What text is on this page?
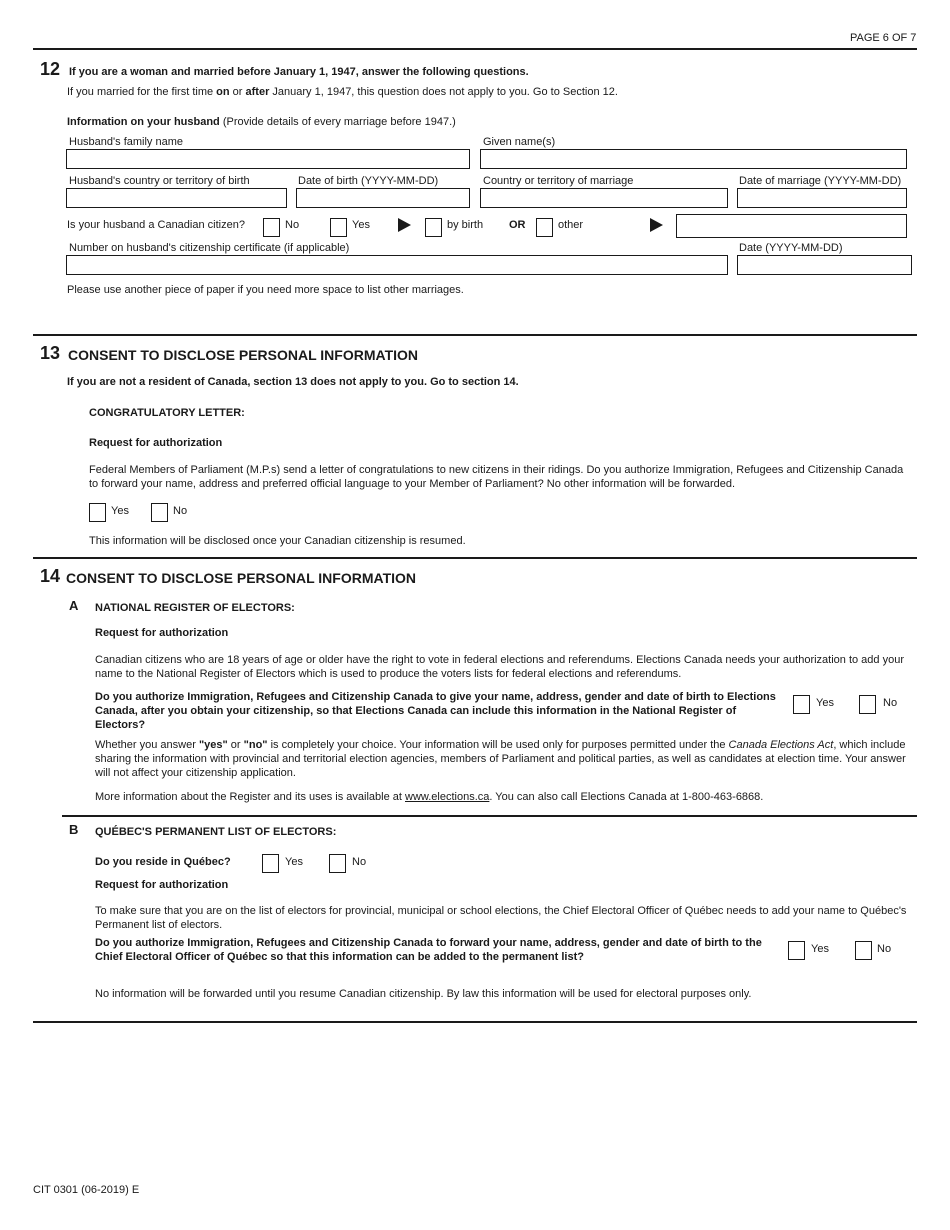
PAGE 6 OF 7
12 If you are a woman and married before January 1, 1947, answer the following questions.
If you married for the first time on or after January 1, 1947, this question does not apply to you. Go to Section 12.
Information on your husband (Provide details of every marriage before 1947.)
Husband's family name	Given name(s)
Husband's country or territory of birth	Date of birth (YYYY-MM-DD)	Country or territory of marriage	Date of marriage (YYYY-MM-DD)
Is your husband a Canadian citizen?	No	Yes	by birth OR	other
Number on husband's citizenship certificate (if applicable)	Date (YYYY-MM-DD)
Please use another piece of paper if you need more space to list other marriages.
13 CONSENT TO DISCLOSE PERSONAL INFORMATION
If you are not a resident of Canada, section 13 does not apply to you. Go to section 14.
CONGRATULATORY LETTER:
Request for authorization
Federal Members of Parliament (M.P.s) send a letter of congratulations to new citizens in their ridings. Do you authorize Immigration, Refugees and Citizenship Canada to forward your name, address and preferred official language to your Member of Parliament? No other information will be forwarded.
Yes	No
This information will be disclosed once your Canadian citizenship is resumed.
14 CONSENT TO DISCLOSE PERSONAL INFORMATION
A NATIONAL REGISTER OF ELECTORS:
Request for authorization
Canadian citizens who are 18 years of age or older have the right to vote in federal elections and referendums. Elections Canada needs your authorization to add your name to the National Register of Electors which is used to produce the voters lists for federal elections and referendums.
Do you authorize Immigration, Refugees and Citizenship Canada to give your name, address, gender and date of birth to Elections Canada, after you obtain your citizenship, so that Elections Canada can include this information in the National Register of Electors?
Yes	No
Whether you answer "yes" or "no" is completely your choice. Your information will be used only for purposes permitted under the Canada Elections Act, which include sharing the information with provincial and territorial election agencies, members of Parliament and political parties, as well as candidates at election time. Your answer will not affect your citizenship application.
More information about the Register and its uses is available at www.elections.ca. You can also call Elections Canada at 1-800-463-6868.
B QUÉBEC'S PERMANENT LIST OF ELECTORS:
Do you reside in Québec?	Yes	No
Request for authorization
To make sure that you are on the list of electors for provincial, municipal or school elections, the Chief Electoral Officer of Québec needs to add your name to Québec's Permanent list of electors.
Do you authorize Immigration, Refugees and Citizenship Canada to forward your name, address, gender and date of birth to the Chief Electoral Officer of Québec so that this information can be added to the permanent list?
Yes	No
No information will be forwarded until you resume Canadian citizenship. By law this information will be used for electoral purposes only.
CIT 0301 (06-2019) E
